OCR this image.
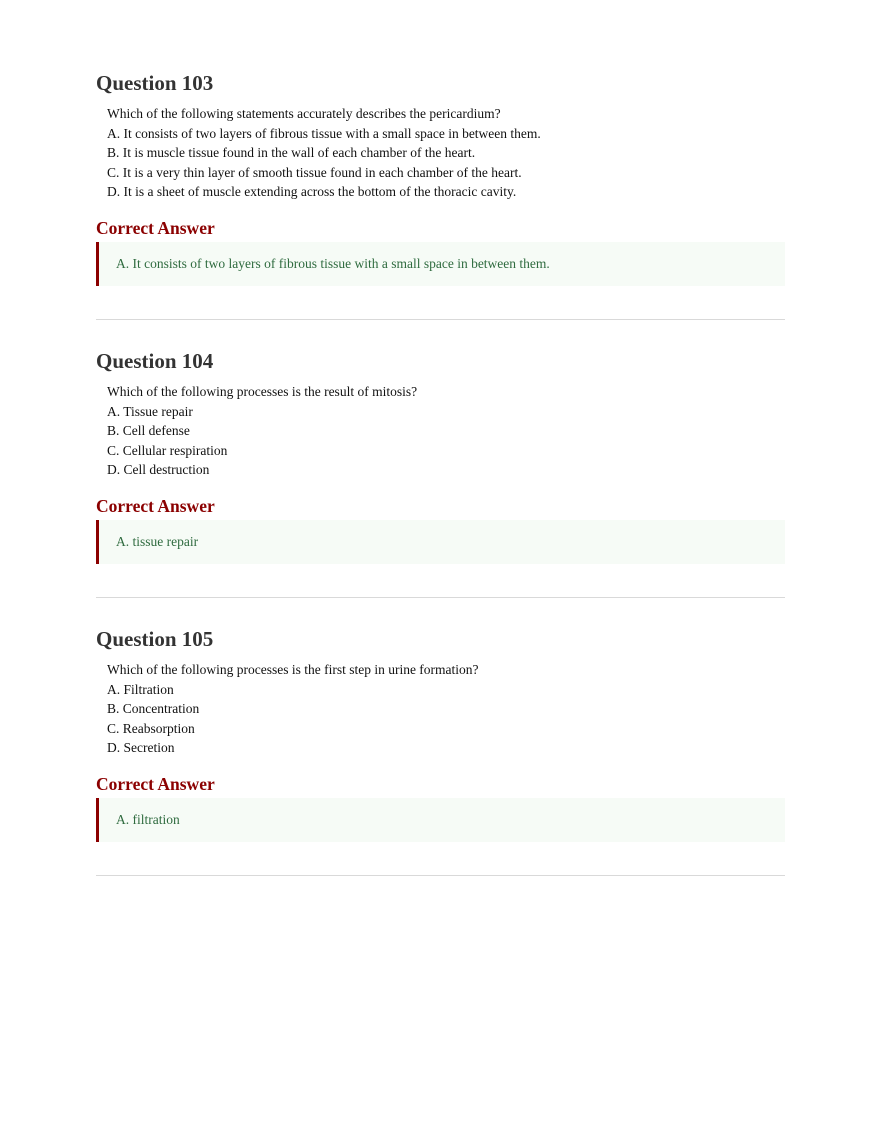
Question 103
Which of the following statements accurately describes the pericardium?
A. It consists of two layers of fibrous tissue with a small space in between them.
B. It is muscle tissue found in the wall of each chamber of the heart.
C. It is a very thin layer of smooth tissue found in each chamber of the heart.
D. It is a sheet of muscle extending across the bottom of the thoracic cavity.
Correct Answer
A. It consists of two layers of fibrous tissue with a small space in between them.
Question 104
Which of the following processes is the result of mitosis?
A. Tissue repair
B. Cell defense
C. Cellular respiration
D. Cell destruction
Correct Answer
A. tissue repair
Question 105
Which of the following processes is the first step in urine formation?
A. Filtration
B. Concentration
C. Reabsorption
D. Secretion
Correct Answer
A. filtration
